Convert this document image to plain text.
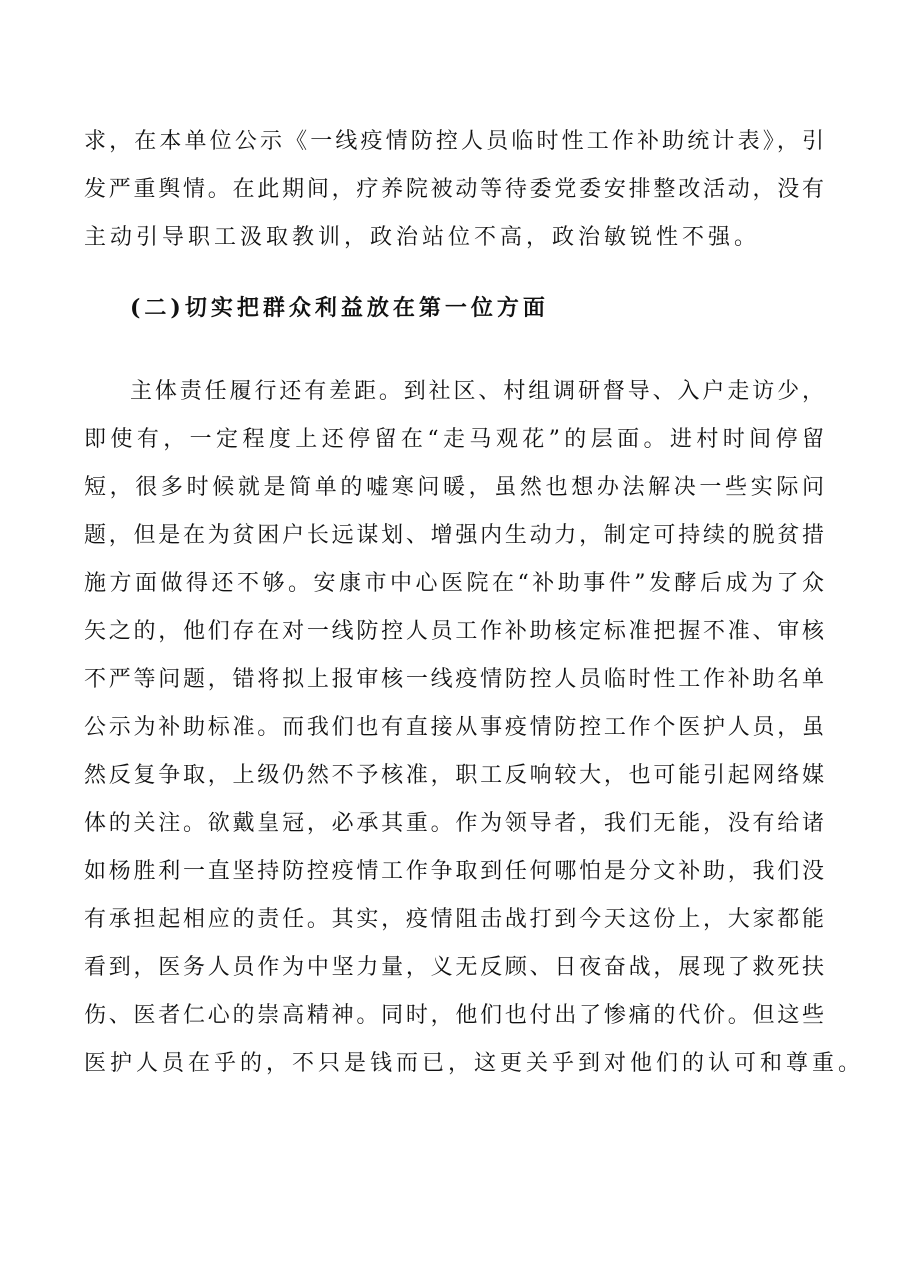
求，在本单位公示《一线疫情防控人员临时性工作补助统计表》，引

发严重舆情。在此期间，疗养院被动等待委党委安排整改活动，没有

主动引导职工汲取教训，政治站位不高，政治敏锐性不强。

(二)切实把群众利益放在第一位方面

主体责任履行还有差距。到社区、村组调研督导、入户走访少，

即使有，一定程度上还停留在“走马观花”的层面。进村时间停留

短，很多时候就是简单的嘘寒问暖，虽然也想办法解决一些实际问

题，但是在为贫困户长远谋划、增强内生动力，制定可持续的脱贫措

施方面做得还不够。安康市中心医院在“补助事件”发酵后成为了众

矢之的，他们存在对一线防控人员工作补助核定标准把握不准、审核

不严等问题，错将拟上报审核一线疫情防控人员临时性工作补助名单

公示为补助标准。而我们也有直接从事疫情防控工作个医护人员，虽

然反复争取，上级仍然不予核准，职工反响较大，也可能引起网络媒

体的关注。欲戴皇冠，必承其重。作为领导者，我们无能，没有给诸

如杨胜利一直坚持防控疫情工作争取到任何哪怕是分文补助，我们没

有承担起相应的责任。其实，疫情阻击战打到今天这份上，大家都能

看到，医务人员作为中坚力量，义无反顾、日夜奋战，展现了救死扶

伤、医者仁心的崇高精神。同时，他们也付出了惨痛的代价。但这些

医护人员在乎的，不只是钱而已，这更关乎到对他们的认可和尊重。
